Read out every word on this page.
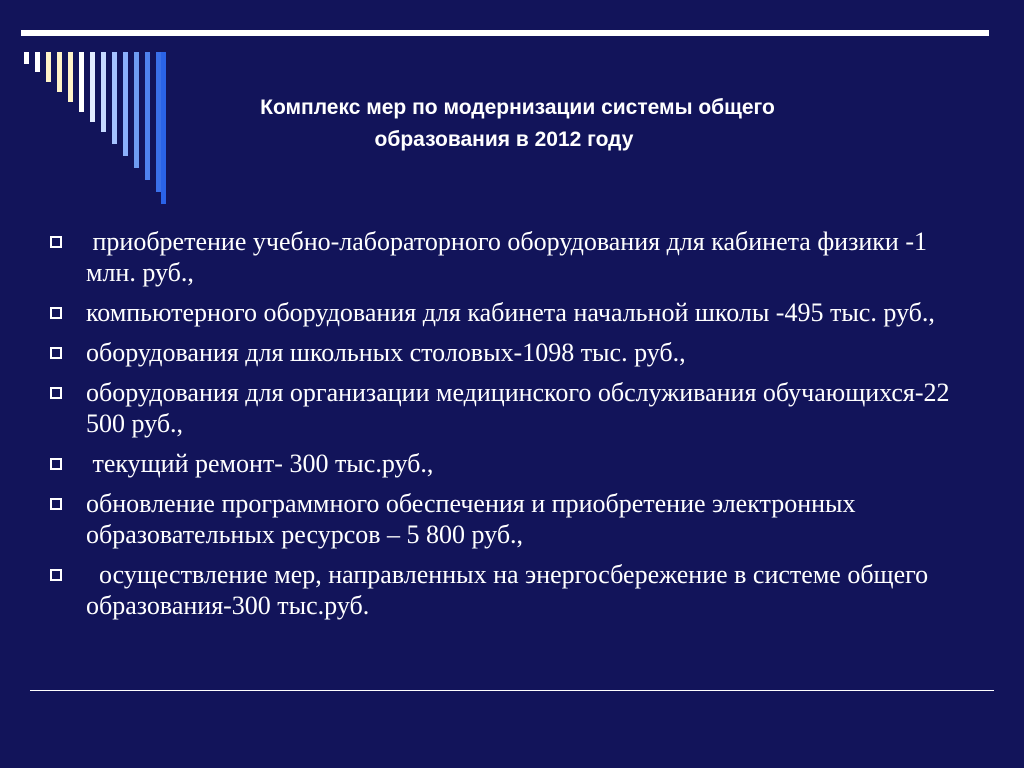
Комплекс мер по модернизации системы общего
образования в 2012 году
приобретение учебно-лабораторного оборудования для кабинета физики -1 млн. руб.,
компьютерного оборудования для кабинета начальной школы -495 тыс. руб.,
оборудования для школьных столовых-1098 тыс. руб.,
оборудования для организации медицинского обслуживания обучающихся-22 500 руб.,
текущий ремонт- 300 тыс.руб.,
обновление программного обеспечения и приобретение электронных образовательных ресурсов – 5 800 руб.,
осуществление мер, направленных на энергосбережение в системе общего образования-300 тыс.руб.
